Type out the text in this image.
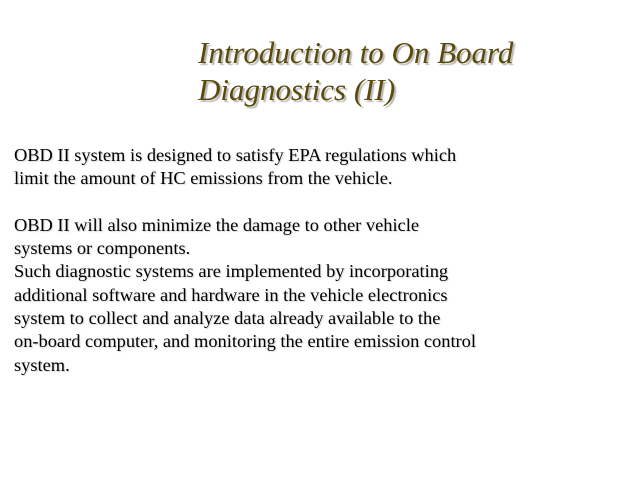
Introduction to On Board
Diagnostics (II)
OBD II system is designed to satisfy EPA regulations which
limit the amount of HC emissions from the vehicle.
OBD II will also minimize the damage to other vehicle
systems or components.
Such diagnostic systems are implemented by incorporating
additional software and hardware in the vehicle electronics
system to collect and analyze data already available to the
on-board computer, and monitoring the entire emission control
system.
